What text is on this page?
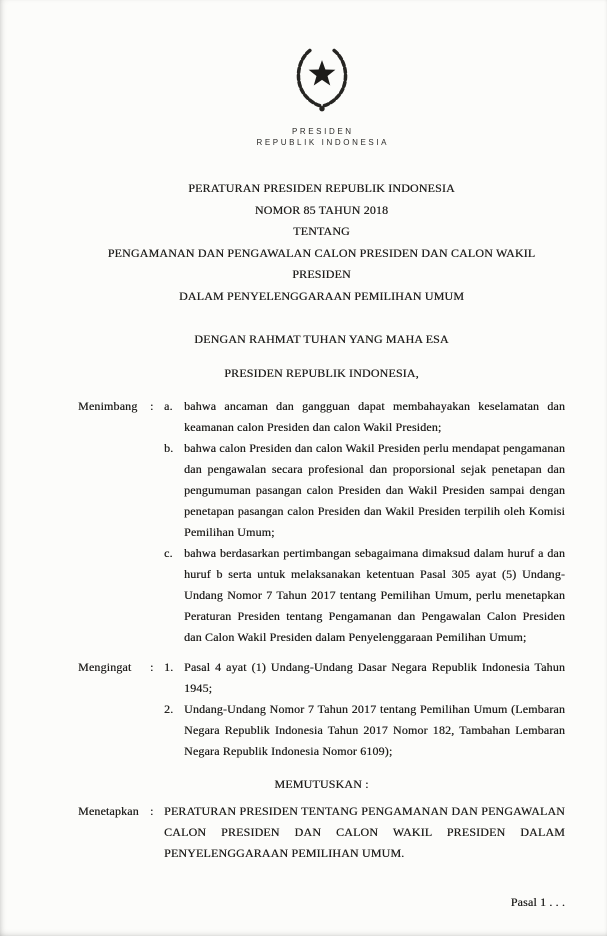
PRESIDEN
REPUBLIK INDONESIA
PERATURAN PRESIDEN REPUBLIK INDONESIA
NOMOR 85 TAHUN 2018
TENTANG
PENGAMANAN DAN PENGAWALAN CALON PRESIDEN DAN CALON WAKIL PRESIDEN
DALAM PENYELENGGARAAN PEMILIHAN UMUM
DENGAN RAHMAT TUHAN YANG MAHA ESA
PRESIDEN REPUBLIK INDONESIA,
Menimbang	: a. bahwa ancaman dan gangguan dapat membahayakan keselamatan dan keamanan calon Presiden dan calon Wakil Presiden;
b. bahwa calon Presiden dan calon Wakil Presiden perlu mendapat pengamanan dan pengawalan secara profesional dan proporsional sejak penetapan dan pengumuman pasangan calon Presiden dan Wakil Presiden sampai dengan penetapan pasangan calon Presiden dan Wakil Presiden terpilih oleh Komisi Pemilihan Umum;
c. bahwa berdasarkan pertimbangan sebagaimana dimaksud dalam huruf a dan huruf b serta untuk melaksanakan ketentuan Pasal 305 ayat (5) Undang-Undang Nomor 7 Tahun 2017 tentang Pemilihan Umum, perlu menetapkan Peraturan Presiden tentang Pengamanan dan Pengawalan Calon Presiden dan Calon Wakil Presiden dalam Penyelenggaraan Pemilihan Umum;
Mengingat	: 1. Pasal 4 ayat (1) Undang-Undang Dasar Negara Republik Indonesia Tahun 1945;
2. Undang-Undang Nomor 7 Tahun 2017 tentang Pemilihan Umum (Lembaran Negara Republik Indonesia Tahun 2017 Nomor 182, Tambahan Lembaran Negara Republik Indonesia Nomor 6109);
MEMUTUSKAN :
Menetapkan : PERATURAN PRESIDEN TENTANG PENGAMANAN DAN PENGAWALAN CALON PRESIDEN DAN CALON WAKIL PRESIDEN DALAM PENYELENGGARAAN PEMILIHAN UMUM.
Pasal 1 . . .
